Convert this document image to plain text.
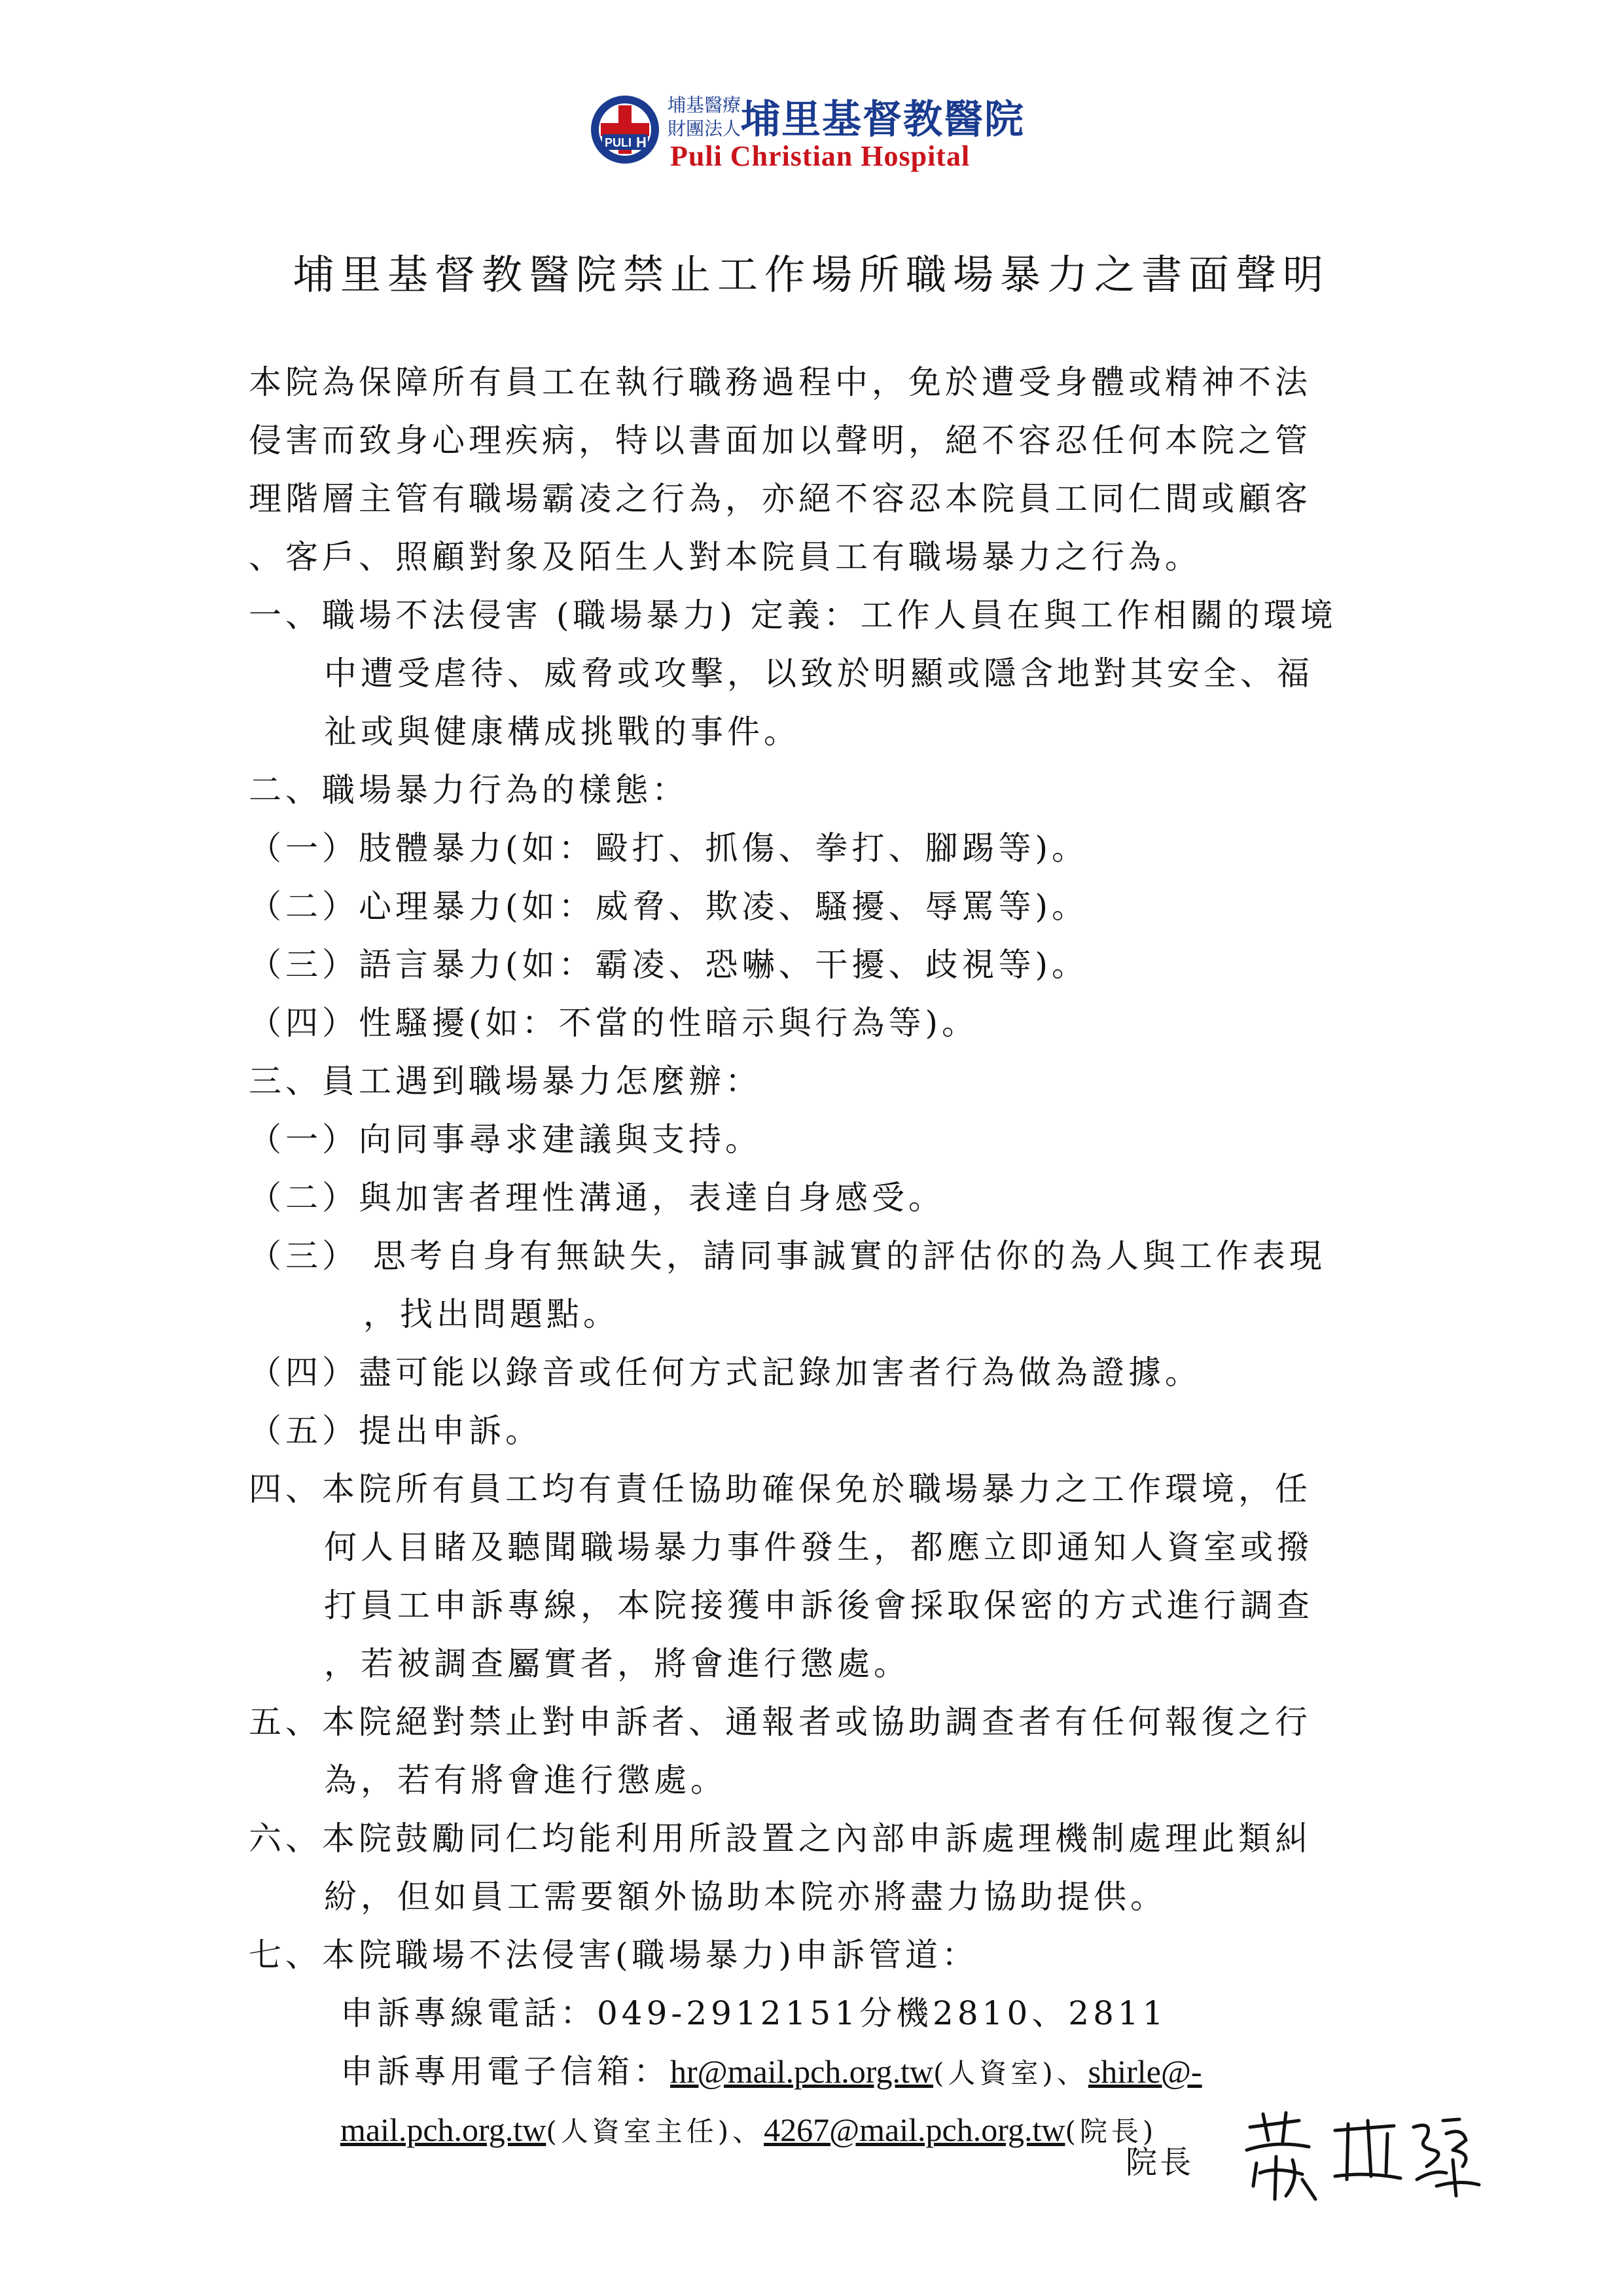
PULI H
埔基醫療
財團法人 埔里基督教醫院
Puli Christian Hospital
埔里基督教醫院禁止工作場所職場暴力之書面聲明
本院為保障所有員工在執行職務過程中，免於遭受身體或精神不法
侵害而致身心理疾病，特以書面加以聲明，絕不容忍任何本院之管
理階層主管有職場霸凌之行為，亦絕不容忍本院員工同仁間或顧客
、客戶、照顧對象及陌生人對本院員工有職場暴力之行為。
一、職場不法侵害 (職場暴力) 定義：工作人員在與工作相關的環境
中遭受虐待、威脅或攻擊，以致於明顯或隱含地對其安全、福
祉或與健康構成挑戰的事件。
二、職場暴力行為的樣態：
（一）肢體暴力(如：毆打、抓傷、拳打、腳踢等)。
（二）心理暴力(如：威脅、欺凌、騷擾、辱罵等)。
（三）語言暴力(如：霸凌、恐嚇、干擾、歧視等)。
（四）性騷擾(如：不當的性暗示與行為等)。
三、員工遇到職場暴力怎麼辦：
（一）向同事尋求建議與支持。
（二）與加害者理性溝通，表達自身感受。
（三） 思考自身有無缺失，請同事誠實的評估你的為人與工作表現
，找出問題點。
（四）盡可能以錄音或任何方式記錄加害者行為做為證據。
（五）提出申訴。
四、本院所有員工均有責任協助確保免於職場暴力之工作環境，任
何人目睹及聽聞職場暴力事件發生，都應立即通知人資室或撥
打員工申訴專線，本院接獲申訴後會採取保密的方式進行調查
，若被調查屬實者，將會進行懲處。
五、本院絕對禁止對申訴者、通報者或協助調查者有任何報復之行
為，若有將會進行懲處。
六、本院鼓勵同仁均能利用所設置之內部申訴處理機制處理此類糾
紛，但如員工需要額外協助本院亦將盡力協助提供。
七、本院職場不法侵害(職場暴力)申訴管道：
申訴專線電話：049-2912151分機2810、2811
申訴專用電子信箱：hr@mail.pch.org.tw(人資室)、shirle@-
mail.pch.org.tw(人資室主任)、4267@mail.pch.org.tw(院長)
院長
